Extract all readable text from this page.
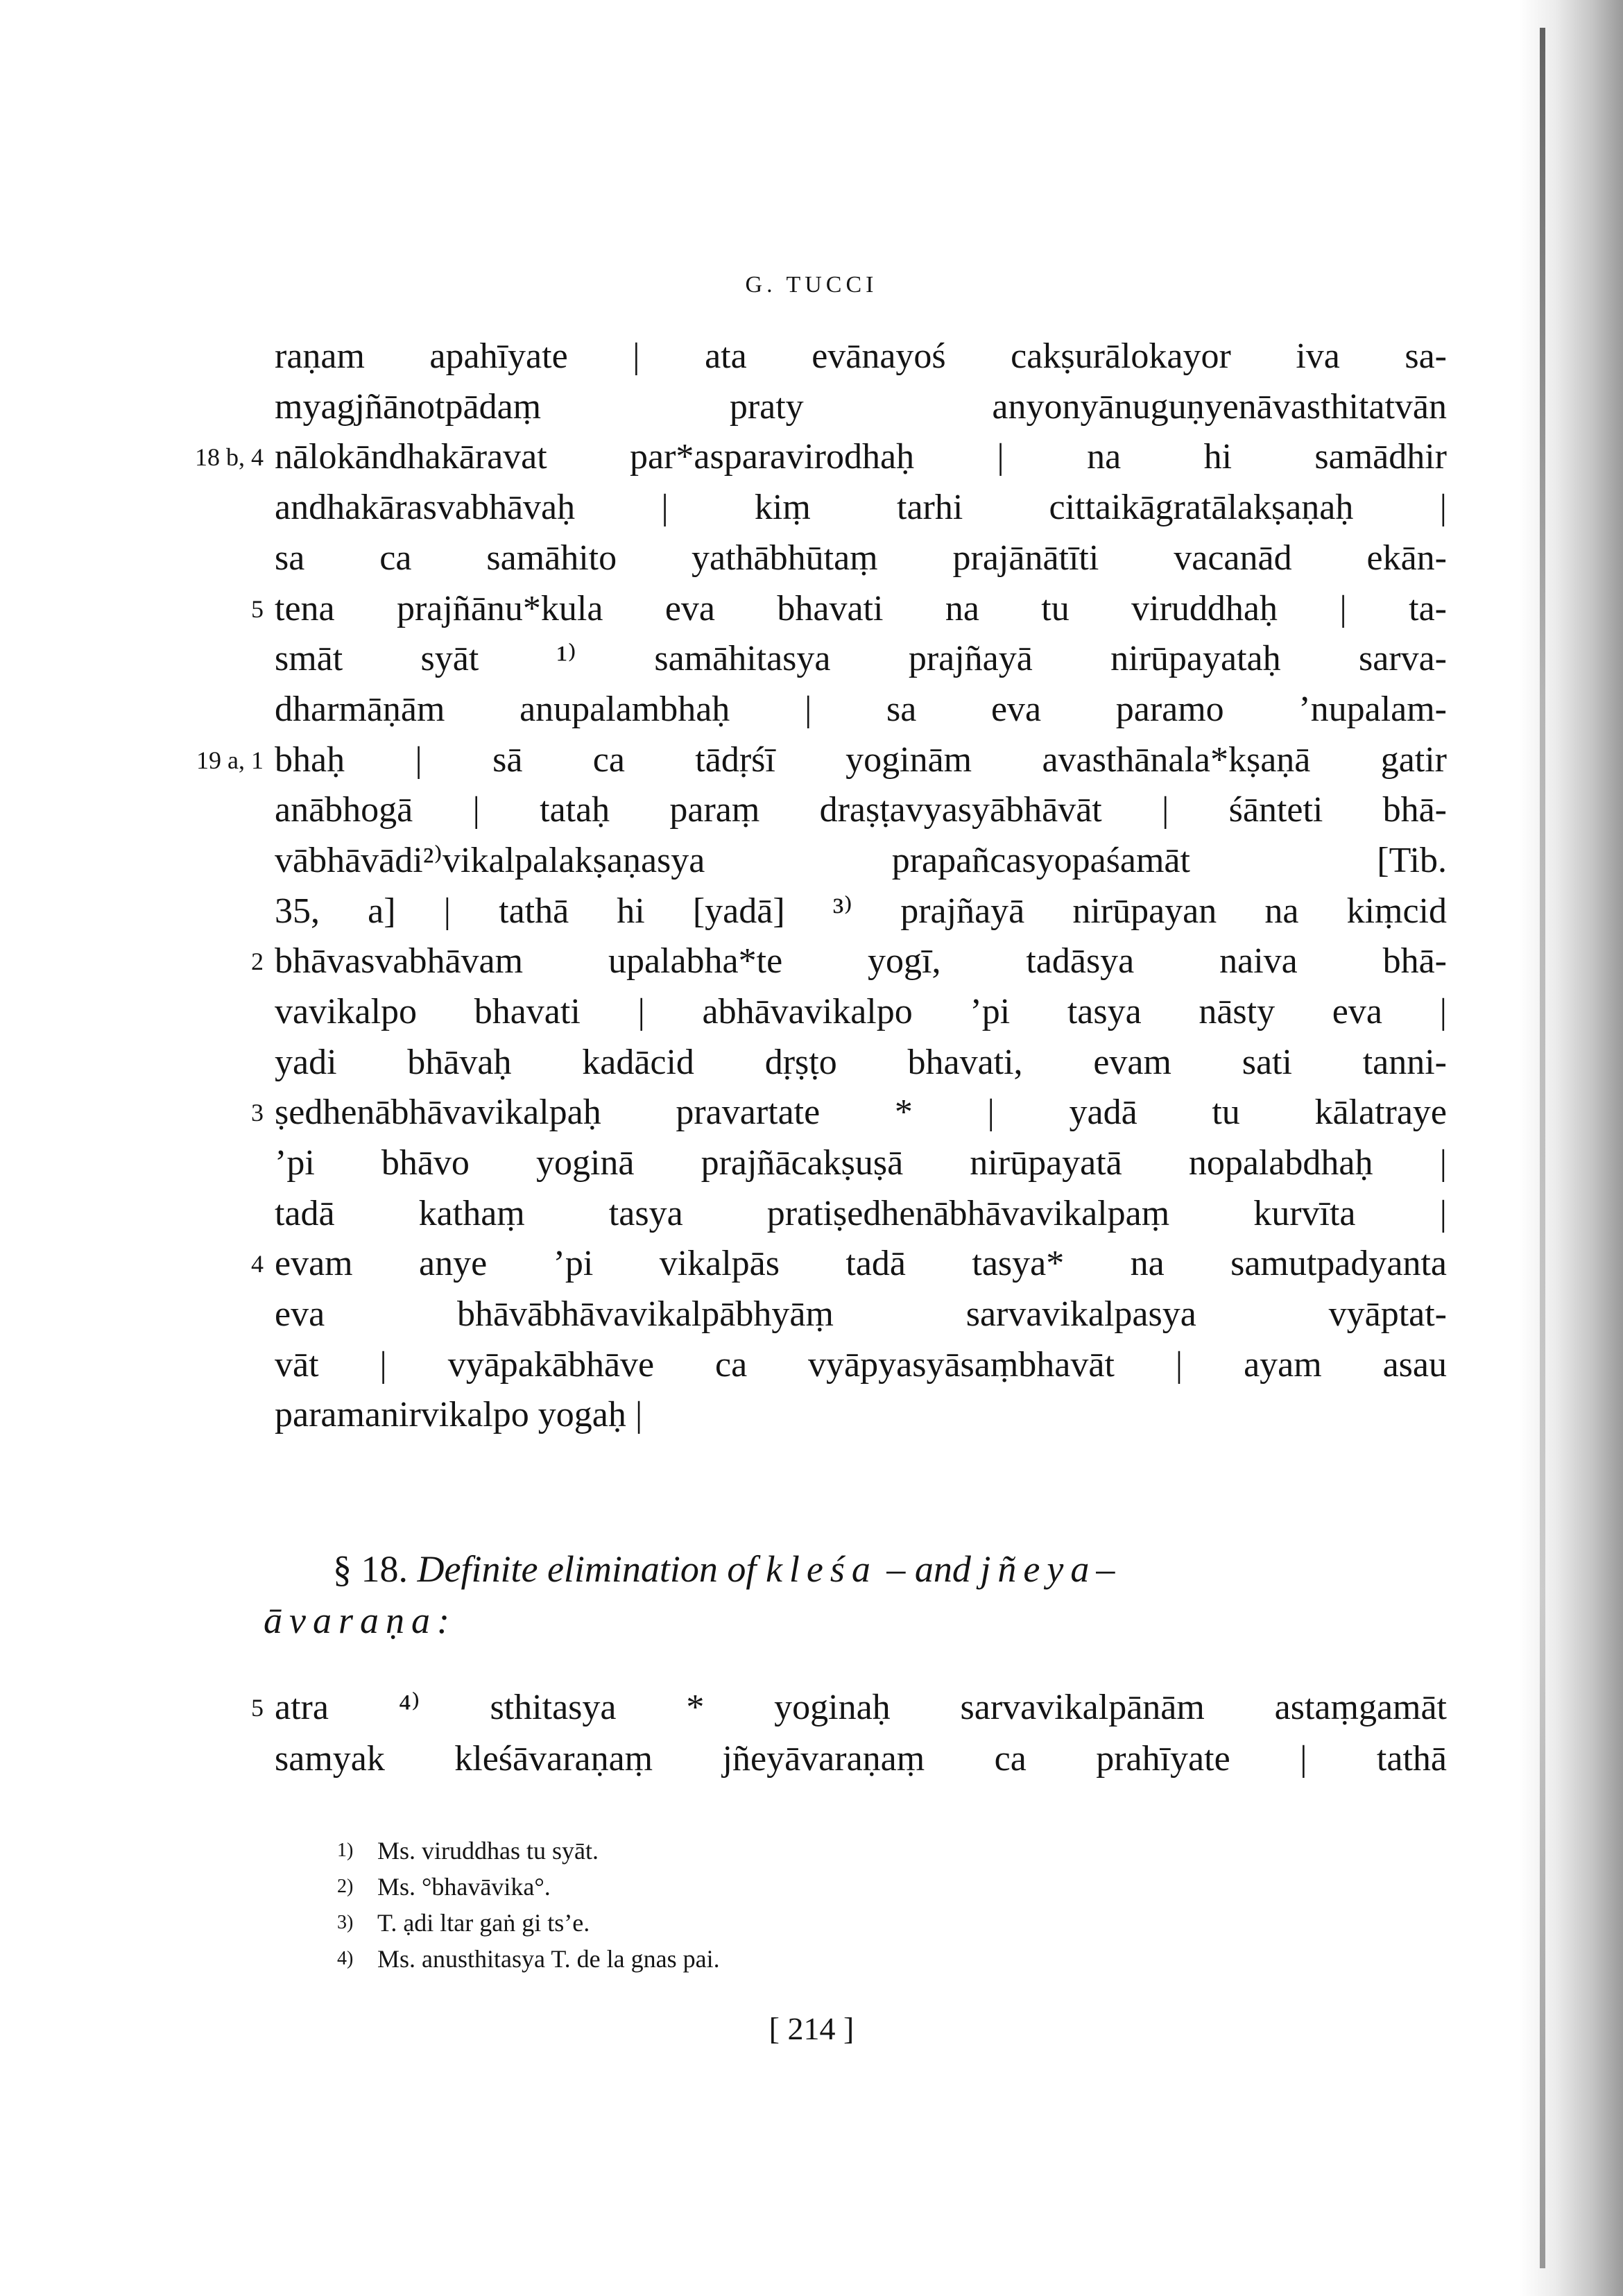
G. TUCCI
raṇam apahīyate | ata evānayoś cakṣurālokayor iva sa-
myagjñānotpādaṃ praty anyonyānuguṇyenāvasthitatvān
18 b, 4 nālokāndhakāravat par*asparavirodhaḥ | na hi samādhir
andhakārasvabhāvaḥ | kiṃ tarhi cittaikāgratālakṣaṇaḥ |
sa ca samāhito yathābhūtaṃ prajānātīti vacanād ekān-
5 tena prajñānu*kula eva bhavati na tu viruddhaḥ | ta-
smāt syāt ¹⁾ samāhitasya prajñayā nirūpayataḥ sarva-
dharmāṇām anupalambhaḥ | sa eva paramo ’nupalam-
19 a, 1 bhaḥ | sā ca tādṛśī yoginām avasthānala*kṣaṇā gatir
anābhogā | tataḥ paraṃ draṣṭavyasyābhāvāt | śānteti bhā-
vābhāvādi²⁾vikalpalakṣaṇasya prapañcasyopaśamāt [Tib.
35, a] | tathā hi [yadā] ³⁾ prajñayā nirūpayan na kiṃcid
2 bhāvasvabhāvam upalabha*te yogī, tadāsya naiva bhā-
vavikalpo bhavati | abhāvavikalpo ’pi tasya nāsty eva |
yadi bhāvaḥ kadācid dṛṣṭo bhavati, evam sati tanni-
3 ṣedhenābhāvavikalpaḥ pravartate * | yadā tu kālatraye
’pi bhāvo yoginā prajñācakṣuṣā nirūpayatā nopalabdhaḥ |
tadā kathaṃ tasya pratiṣedhenābhāvavikalpaṃ kurvīta |
4 evam anye ’pi vikalpās tadā tasya* na samutpadyanta
eva bhāvābhāvavikalpābhyāṃ sarvavikalpasya vyāptat-
vāt | vyāpakābhāve ca vyāpyasyāsaṃbhavāt | ayam asau
paramanirvikalpo yogaḥ |
§ 18. Definite elimination of kleśa – and jñeya–
āvaraṇa:
5 atra ⁴⁾ sthitasya * yoginaḥ sarvavikalpānām astaṃgamāt
samyak kleśāvaraṇaṃ jñeyāvaraṇaṃ ca prahīyate | tathā
1) Ms. viruddhas tu syāt.
2) Ms. °bhavāvika°.
3) T. ạdi ltar gaṅ gi ts’e.
4) Ms. anusthitasya T. de la gnas pai.
[ 214 ]
